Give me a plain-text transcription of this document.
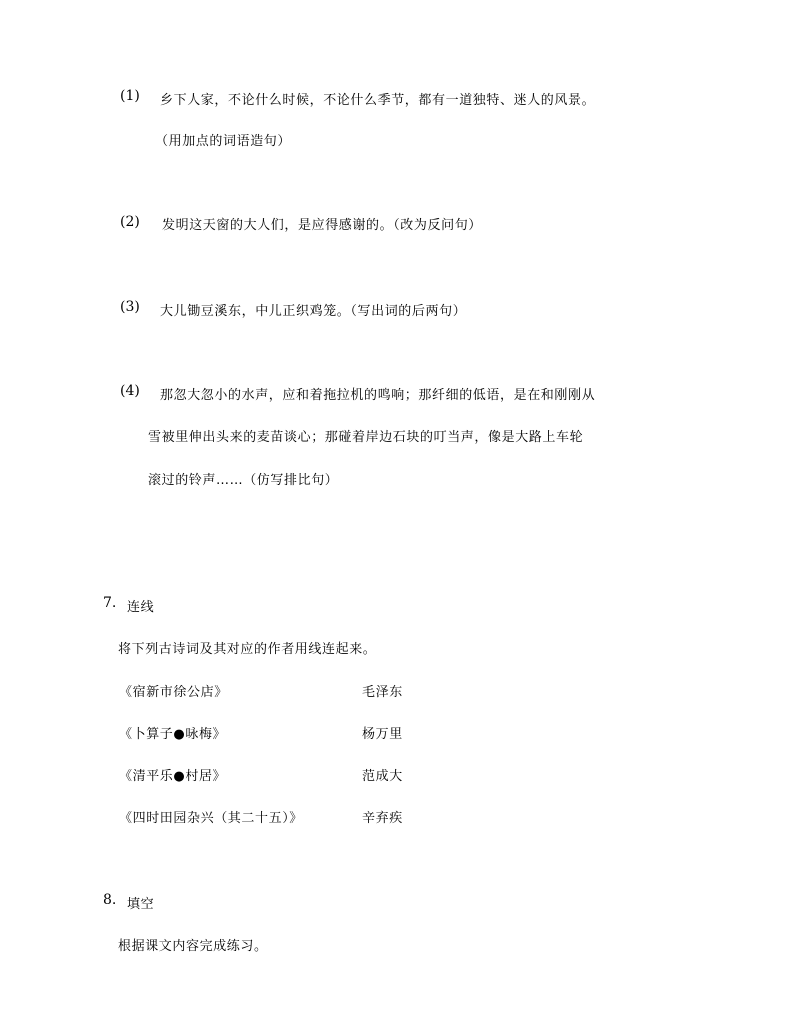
(1) 乡下人家，不论什么时候，不论什么季节，都有一道独特、迷人的风景。
（用加点的词语造句）
(2) 发明这天窗的大人们，是应得感谢的。（改为反问句）
(3) 大儿锄豆溪东，中儿正织鸡笼。（写出词的后两句）
(4) 那忽大忽小的水声，应和着拖拉机的鸣响；那纤细的低语，是在和刚刚从
雪被里伸出头来的麦苗谈心；那碰着岸边石块的叮当声，像是大路上车轮
滚过的铃声……（仿写排比句）
7. 连线
将下列古诗词及其对应的作者用线连起来。
《宿新市徐公店》
《卜算子●咏梅》
《清平乐●村居》
《四时田园杂兴（其二十五）》
毛泽东
杨万里
范成大
辛弃疾
8. 填空
根据课文内容完成练习。
